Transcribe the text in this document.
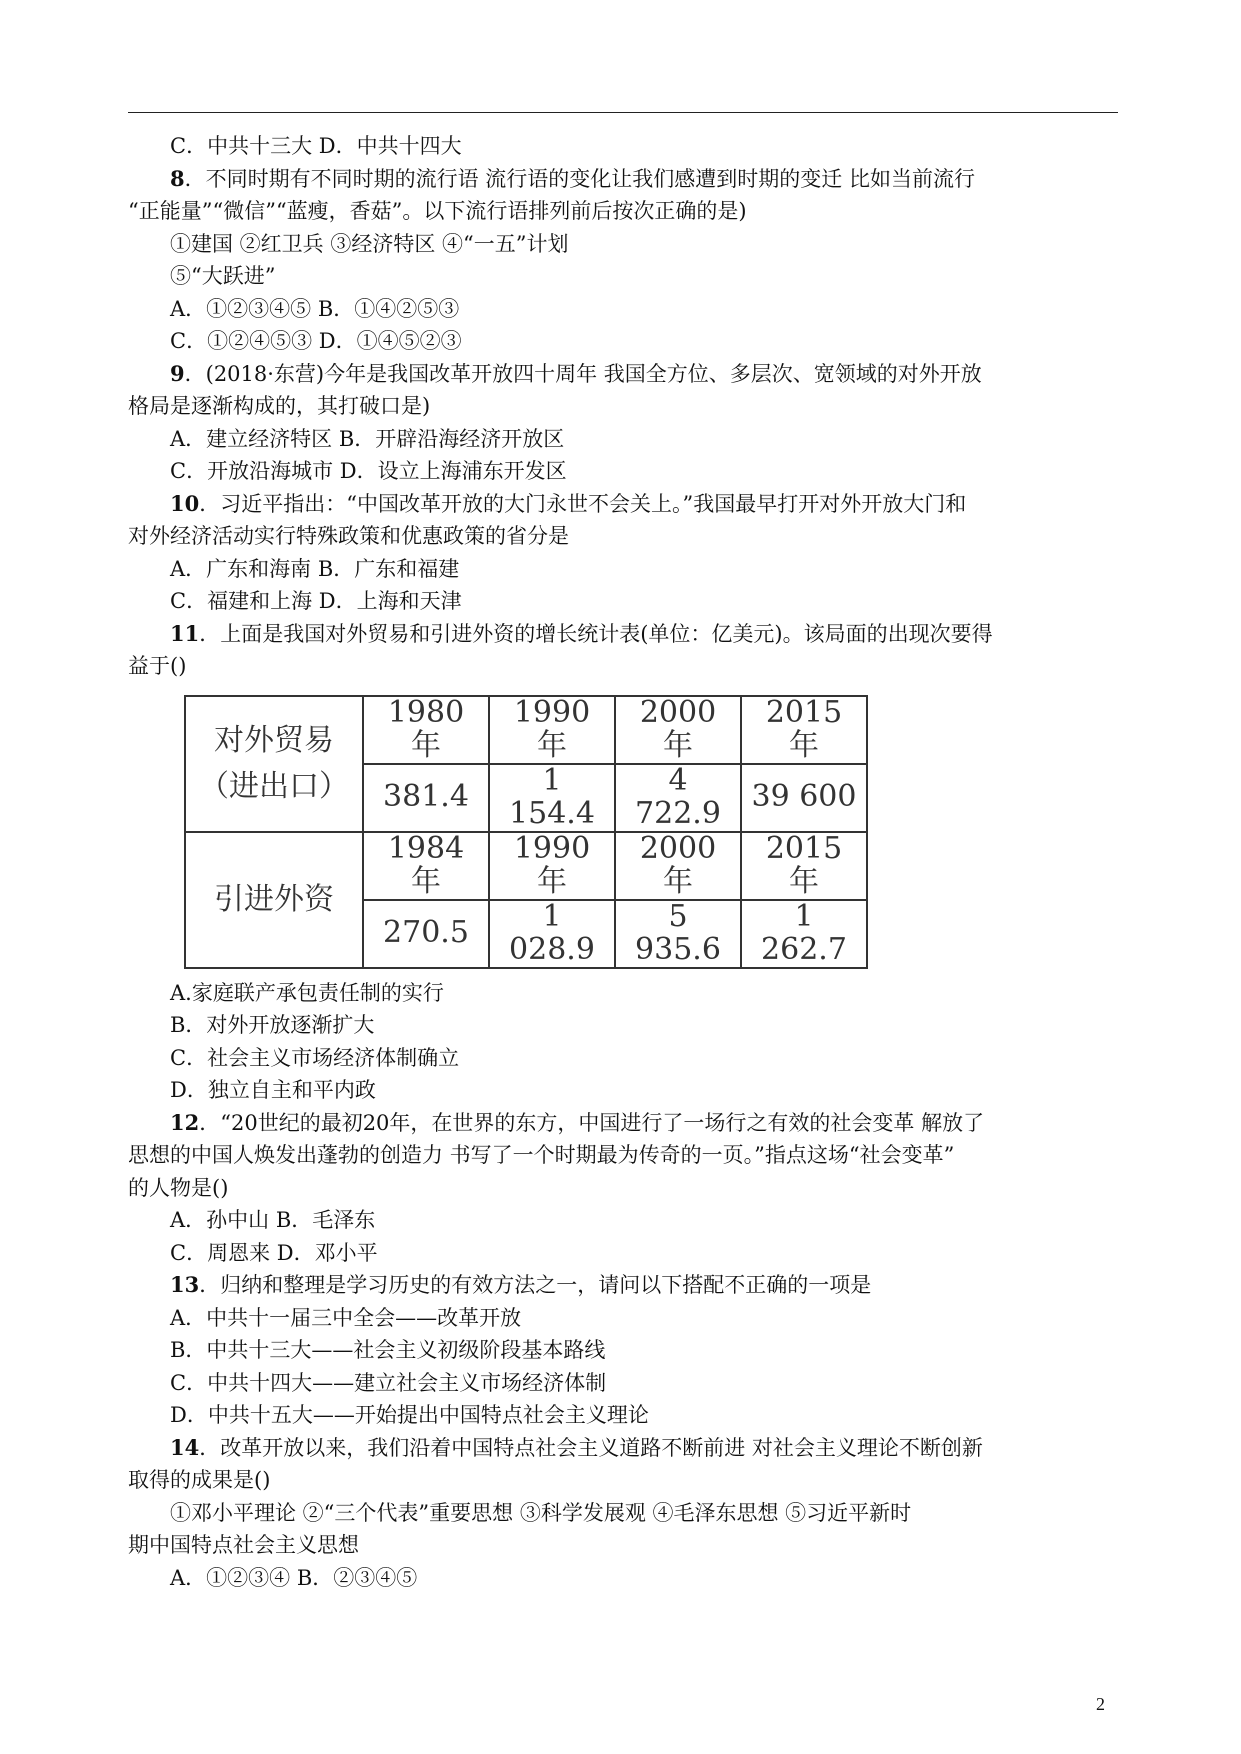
C．中共十三大 D．中共十四大
8．不同时期有不同时期的流行语 流行语的变化让我们感遭到时期的变迁 比如当前流行
“正能量”“微信”“蓝瘦，香菇”。以下流行语排列前后按次正确的是)
①建国 ②红卫兵 ③经济特区 ④“一五”计划
⑤“大跃进”
A．①②③④⑤ B．①④②⑤③
C．①②④⑤③ D．①④⑤②③
9．(2018·东营)今年是我国改革开放四十周年 我国全方位、多层次、宽领域的对外开放
格局是逐渐构成的，其打破口是)
A．建立经济特区 B．开辟沿海经济开放区
C．开放沿海城市 D．设立上海浦东开发区
10．习近平指出：“中国改革开放的大门永世不会关上。”我国最早打开对外开放大门和
对外经济活动实行特殊政策和优惠政策的省分是
A．广东和海南 B．广东和福建
C．福建和上海 D．上海和天津
11．上面是我国对外贸易和引进外资的增长统计表(单位：亿美元)。该局面的出现次要得
益于()
对外贸易（进出口）	1980 年	1990 年	2000 年	2015 年
	381.4	1 154.4	4 722.9	39 600
引进外资	1984 年	1990 年	2000 年	2015 年
	270.5	1 028.9	5 935.6	1 262.7
A.家庭联产承包责任制的实行
B．对外开放逐渐扩大
C．社会主义市场经济体制确立
D．独立自主和平内政
12．“20世纪的最初20年，在世界的东方，中国进行了一场行之有效的社会变革 解放了
思想的中国人焕发出蓬勃的创造力 书写了一个时期最为传奇的一页。”指点这场“社会变革”
的人物是()
A．孙中山 B．毛泽东
C．周恩来 D．邓小平
13．归纳和整理是学习历史的有效方法之一，请问以下搭配不正确的一项是
A．中共十一届三中全会——改革开放
B．中共十三大——社会主义初级阶段基本路线
C．中共十四大——建立社会主义市场经济体制
D．中共十五大——开始提出中国特点社会主义理论
14．改革开放以来，我们沿着中国特点社会主义道路不断前进 对社会主义理论不断创新
取得的成果是()
①邓小平理论 ②“三个代表”重要思想 ③科学发展观 ④毛泽东思想 ⑤习近平新时
期中国特点社会主义思想
A．①②③④ B．②③④⑤
2
